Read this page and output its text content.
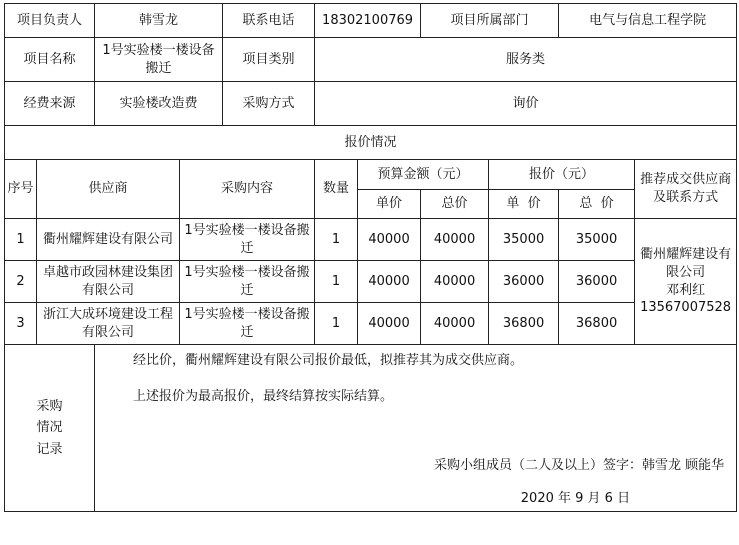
项目负责人		韩雪龙		联系电话	18302100769		项目所属部门		电气与信息工程学院	
项目名称		1号实验楼一楼设备搬迁		项目类别	服务类					
经费来源		实验楼改造费		采购方式	询价					
报价情况										
序号	供应商		采购内容		数量	预算金额（元）		报价（元）		推荐成交供应商及联系方式
						单价	总价	单  价	总  价	
1	衢州耀辉建设有限公司		1号实验楼一楼设备搬迁		1	40000	40000	35000	35000	衢州耀辉建设有限公司
邓利红
13567007528

2	卓越市政园林建设集团有限公司		1号实验楼一楼设备搬迁		1	40000	40000	36000	36000	
3	浙江大成环境建设工程有限公司		1号实验楼一楼设备搬迁		1	40000	40000	36800	36800	

采购情况记录		经比价，衢州耀辉建设有限公司报价最低，拟推荐其为成交供应商。
上述报价为最高报价，最终结算按实际结算。
采购小组成员（二人及以上）签字：韩雪龙 顾能华
2020 年 9 月 6 日								
